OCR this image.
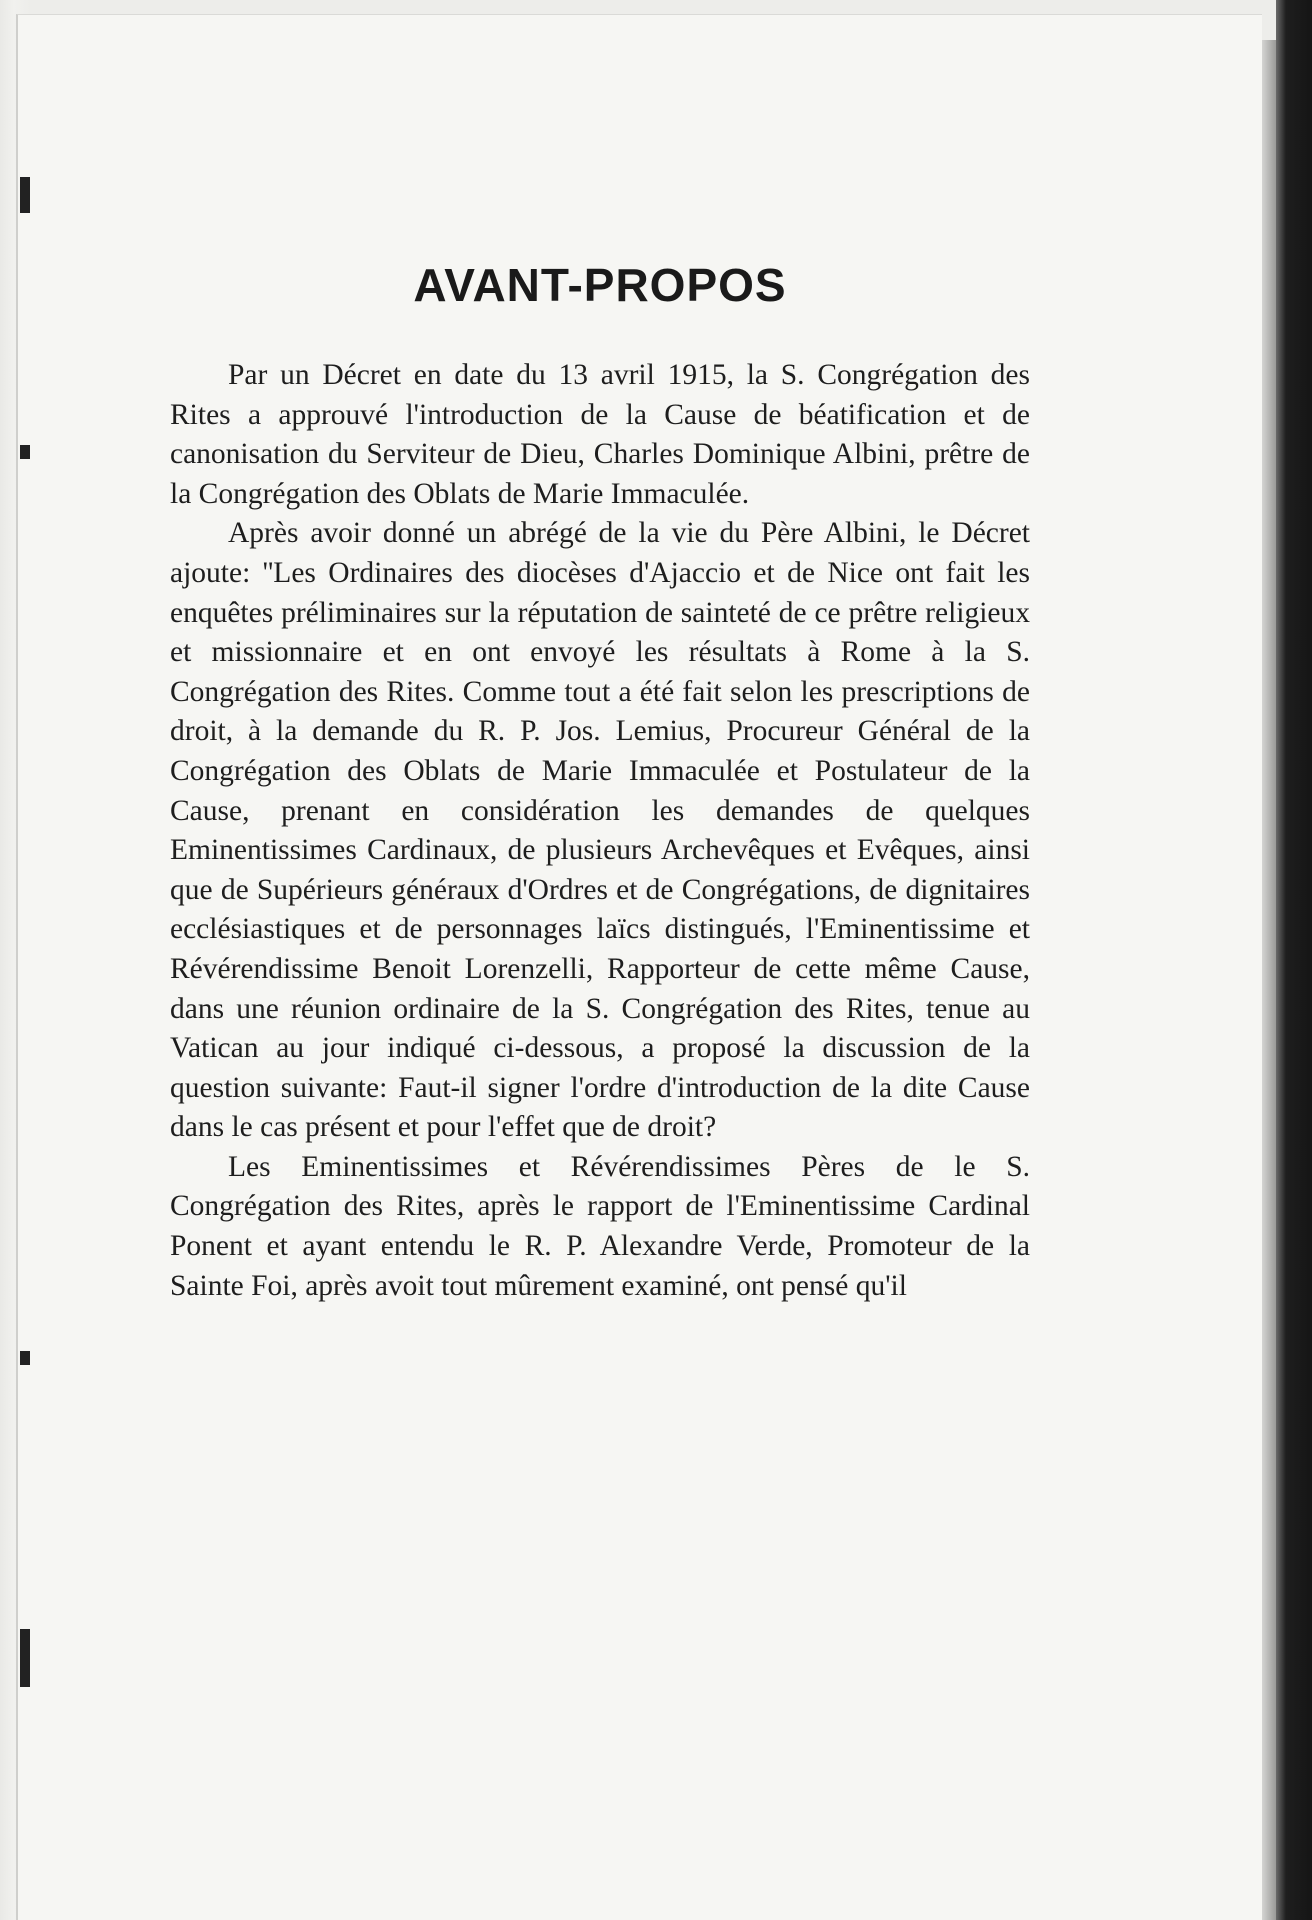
AVANT-PROPOS

Par un Décret en date du 13 avril 1915, la S. Congrégation des Rites a approuvé l'introduction de la Cause de béatification et de canonisation du Serviteur de Dieu, Charles Dominique Albini, prêtre de la Congrégation des Oblats de Marie Immaculée.

Après avoir donné un abrégé de la vie du Père Albini, le Décret ajoute: ''Les Ordinaires des diocèses d'Ajaccio et de Nice ont fait les enquêtes préliminaires sur la réputation de sainteté de ce prêtre religieux et missionnaire et en ont envoyé les résultats à Rome à la S. Congrégation des Rites. Comme tout a été fait selon les prescriptions de droit, à la demande du R. P. Jos. Lemius, Procureur Général de la Congrégation des Oblats de Marie Immaculée et Postulateur de la Cause, prenant en considération les demandes de quelques Eminentissimes Cardinaux, de plusieurs Archevêques et Evêques, ainsi que de Supérieurs généraux d'Ordres et de Congrégations, de dignitaires ecclésiastiques et de personnages laïcs distingués, l'Eminentissime et Révérendissime Benoit Lorenzelli, Rapporteur de cette même Cause, dans une réunion ordinaire de la S. Congrégation des Rites, tenue au Vatican au jour indiqué ci-dessous, a proposé la discussion de la question suivante: Faut-il signer l'ordre d'introduction de la dite Cause dans le cas présent et pour l'effet que de droit?

Les Eminentissimes et Révérendissimes Pères de le S. Congrégation des Rites, après le rapport de l'Eminentissime Cardinal Ponent et ayant entendu le R. P. Alexandre Verde, Promoteur de la Sainte Foi, après avoit tout mûrement examiné, ont pensé qu'il
